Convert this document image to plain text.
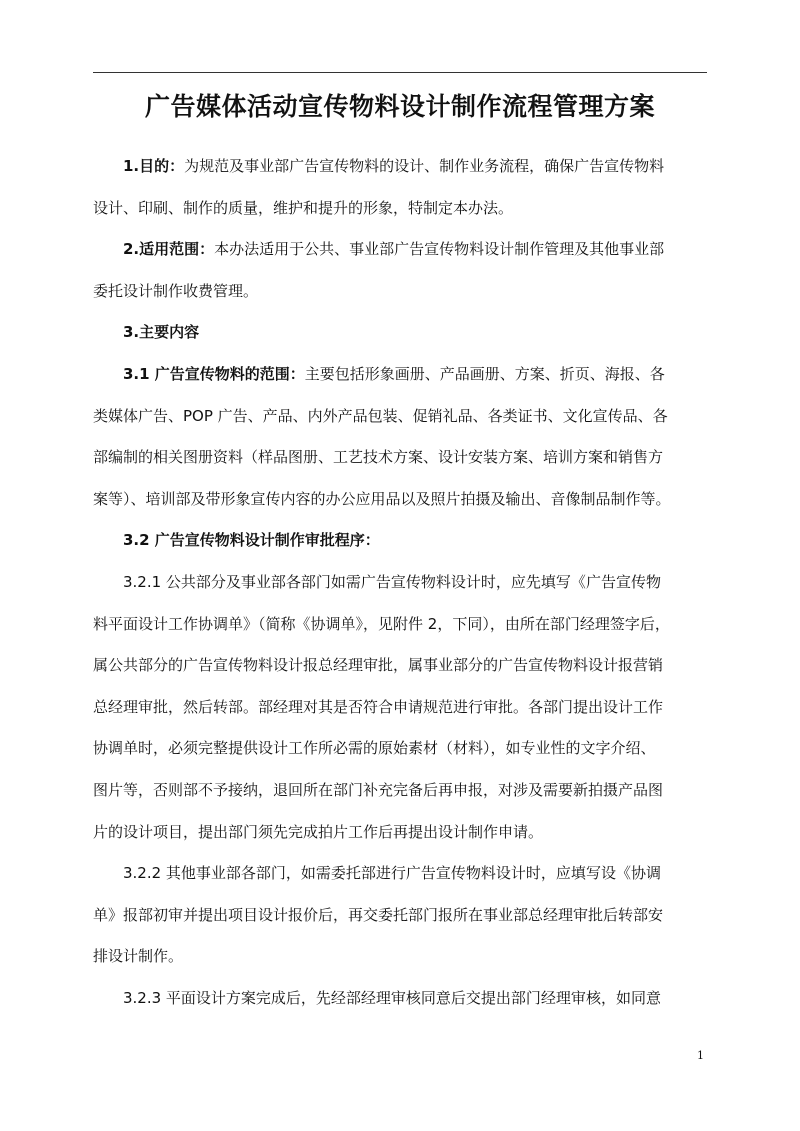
广告媒体活动宣传物料设计制作流程管理方案
1.目的：为规范及事业部广告宣传物料的设计、制作业务流程，确保广告宣传物料
设计、印刷、制作的质量，维护和提升的形象，特制定本办法。
2.适用范围：本办法适用于公共、事业部广告宣传物料设计制作管理及其他事业部
委托设计制作收费管理。
3.主要内容
3.1 广告宣传物料的范围：主要包括形象画册、产品画册、方案、折页、海报、各
类媒体广告、POP 广告、产品、内外产品包装、促销礼品、各类证书、文化宣传品、各
部编制的相关图册资料（样品图册、工艺技术方案、设计安装方案、培训方案和销售方
案等）、培训部及带形象宣传内容的办公应用品以及照片拍摄及输出、音像制品制作等。
3.2 广告宣传物料设计制作审批程序：
3.2.1 公共部分及事业部各部门如需广告宣传物料设计时，应先填写《广告宣传物
料平面设计工作协调单》（简称《协调单》，见附件 2，下同），由所在部门经理签字后，
属公共部分的广告宣传物料设计报总经理审批，属事业部分的广告宣传物料设计报营销
总经理审批，然后转部。部经理对其是否符合申请规范进行审批。各部门提出设计工作
协调单时，必须完整提供设计工作所必需的原始素材（材料），如专业性的文字介绍、
图片等，否则部不予接纳，退回所在部门补充完备后再申报，对涉及需要新拍摄产品图
片的设计项目，提出部门须先完成拍片工作后再提出设计制作申请。
3.2.2 其他事业部各部门，如需委托部进行广告宣传物料设计时，应填写设《协调
单》报部初审并提出项目设计报价后，再交委托部门报所在事业部总经理审批后转部安
排设计制作。
3.2.3 平面设计方案完成后，先经部经理审核同意后交提出部门经理审核，如同意
1
